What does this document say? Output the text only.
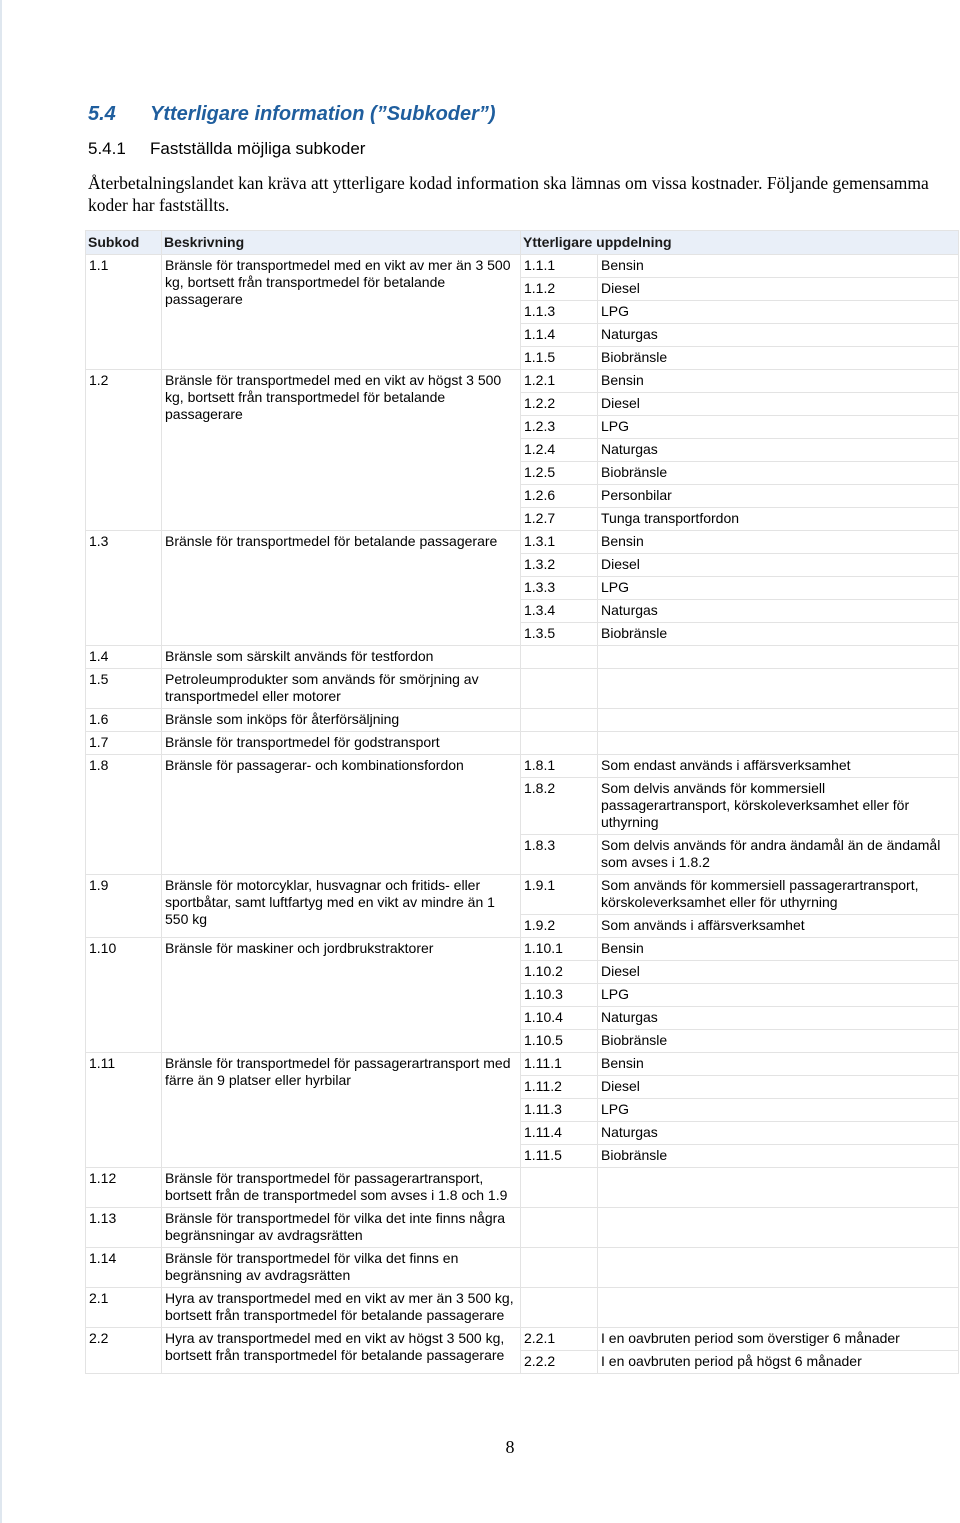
5.4 Ytterligare information (”Subkoder”)
5.4.1 Fastställda möjliga subkoder

Återbetalningslandet kan kräva att ytterligare kodad information ska lämnas om vissa kostnader. Följande gemensamma koder har fastställts.

Subkod	Beskrivning	Ytterligare uppdelning	
1.1	Bränsle för transportmedel med en vikt av mer än 3 500 kg, bortsett från transportmedel för betalande passagerare	1.1.1	Bensin
		1.1.2	Diesel
		1.1.3	LPG
		1.1.4	Naturgas
		1.1.5	Biobränsle
1.2	Bränsle för transportmedel med en vikt av högst 3 500 kg, bortsett från transportmedel för betalande passagerare	1.2.1	Bensin
		1.2.2	Diesel
		1.2.3	LPG
		1.2.4	Naturgas
		1.2.5	Biobränsle
		1.2.6	Personbilar
		1.2.7	Tunga transportfordon
1.3	Bränsle för transportmedel för betalande passagerare	1.3.1	Bensin
		1.3.2	Diesel
		1.3.3	LPG
		1.3.4	Naturgas
		1.3.5	Biobränsle
1.4	Bränsle som särskilt används för testfordon		
1.5	Petroleumprodukter som används för smörjning av transportmedel eller motorer		
1.6	Bränsle som inköps för återförsäljning		
1.7	Bränsle för transportmedel för godstransport		
1.8	Bränsle för passagerar- och kombinationsfordon	1.8.1	Som endast används i affärsverksamhet
		1.8.2	Som delvis används för kommersiell passagerartransport, körskoleverksamhet eller för uthyrning
		1.8.3	Som delvis används för andra ändamål än de ändamål som avses i 1.8.2
1.9	Bränsle för motorcyklar, husvagnar och fritids- eller sportbåtar, samt luftfartyg med en vikt av mindre än 1 550 kg	1.9.1	Som används för kommersiell passagerartransport, körskoleverksamhet eller för uthyrning
		1.9.2	Som används i affärsverksamhet
1.10	Bränsle för maskiner och jordbrukstraktorer	1.10.1	Bensin
		1.10.2	Diesel
		1.10.3	LPG
		1.10.4	Naturgas
		1.10.5	Biobränsle
1.11	Bränsle för transportmedel för passagerartransport med färre än 9 platser eller hyrbilar	1.11.1	Bensin
		1.11.2	Diesel
		1.11.3	LPG
		1.11.4	Naturgas
		1.11.5	Biobränsle
1.12	Bränsle för transportmedel för passagerartransport, bortsett från de transportmedel som avses i 1.8 och 1.9		
1.13	Bränsle för transportmedel för vilka det inte finns några begränsningar av avdragsrätten		
1.14	Bränsle för transportmedel för vilka det finns en begränsning av avdragsrätten		
2.1	Hyra av transportmedel med en vikt av mer än 3 500 kg, bortsett från transportmedel för betalande passagerare		
2.2	Hyra av transportmedel med en vikt av högst 3 500 kg, bortsett från transportmedel för betalande passagerare	2.2.1	I en oavbruten period som överstiger 6 månader
		2.2.2	I en oavbruten period på högst 6 månader
8
